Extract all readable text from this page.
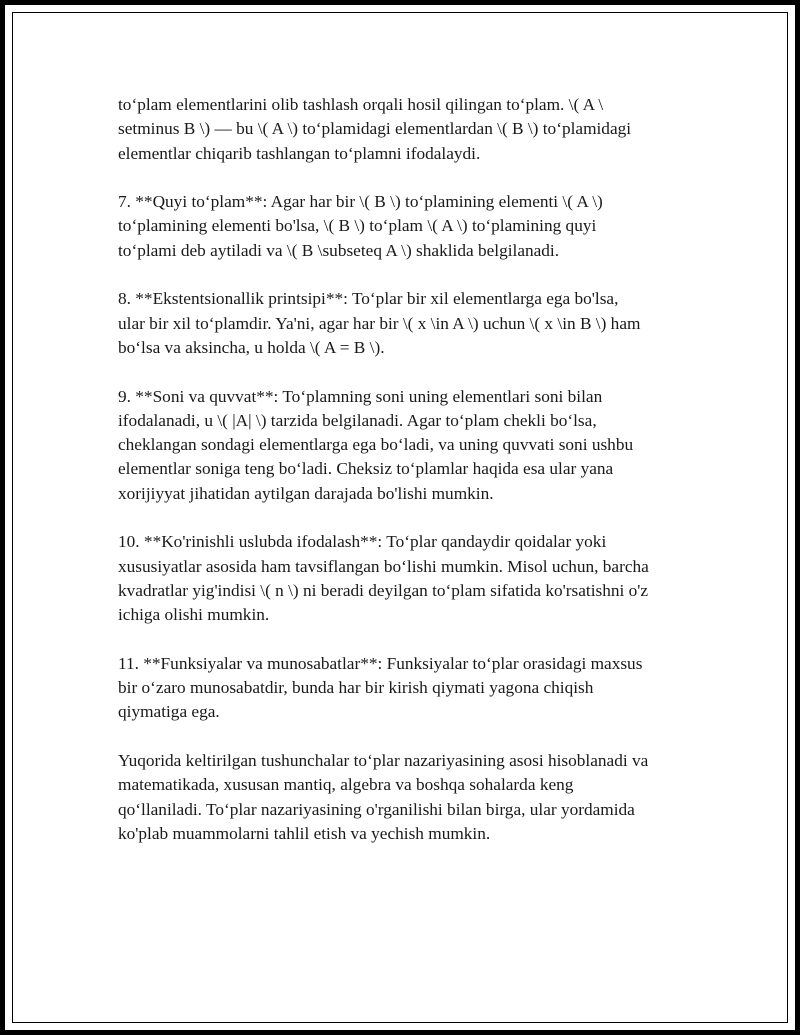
to‘plam elementlarini olib tashlash orqali hosil qilingan to‘plam. \( A \
setminus B \) — bu \( A \) to‘plamidagi elementlardan \( B \) to‘plamidagi
elementlar chiqarib tashlangan to‘plamni ifodalaydi.

7. **Quyi to‘plam**: Agar har bir \( B \) to‘plamining elementi \( A \)
to‘plamining elementi bo'lsa, \( B \) to‘plam \( A \) to‘plamining quyi
to‘plami deb aytiladi va \( B \subseteq A \) shaklida belgilanadi.

8. **Ekstentsionallik printsipi**: To‘plar bir xil elementlarga ega bo'lsa,
ular bir xil to‘plamdir. Ya'ni, agar har bir \( x \in A \) uchun \( x \in B \) ham
bo‘lsa va aksincha, u holda \( A = B \).

9. **Soni va quvvat**: To‘plamning soni uning elementlari soni bilan
ifodalanadi, u \( |A| \) tarzida belgilanadi. Agar to‘plam chekli bo‘lsa,
cheklangan sondagi elementlarga ega bo‘ladi, va uning quvvati soni ushbu
elementlar soniga teng bo‘ladi. Cheksiz to‘plamlar haqida esa ular yana
xorijiyyat jihatidan aytilgan darajada bo'lishi mumkin.

10. **Ko'rinishli uslubda ifodalash**: To‘plar qandaydir qoidalar yoki
xususiyatlar asosida ham tavsiflangan bo‘lishi mumkin. Misol uchun, barcha
kvadratlar yig'indisi \( n \) ni beradi deyilgan to‘plam sifatida ko'rsatishni o'z
ichiga olishi mumkin.

11. **Funksiyalar va munosabatlar**: Funksiyalar to‘plar orasidagi maxsus
bir o‘zaro munosabatdir, bunda har bir kirish qiymati yagona chiqish
qiymatiga ega.

Yuqorida keltirilgan tushunchalar to‘plar nazariyasining asosi hisoblanadi va
matematikada, xususan mantiq, algebra va boshqa sohalarda keng
qo‘llaniladi. To‘plar nazariyasining o'rganilishi bilan birga, ular yordamida
ko'plab muammolarni tahlil etish va yechish mumkin.
